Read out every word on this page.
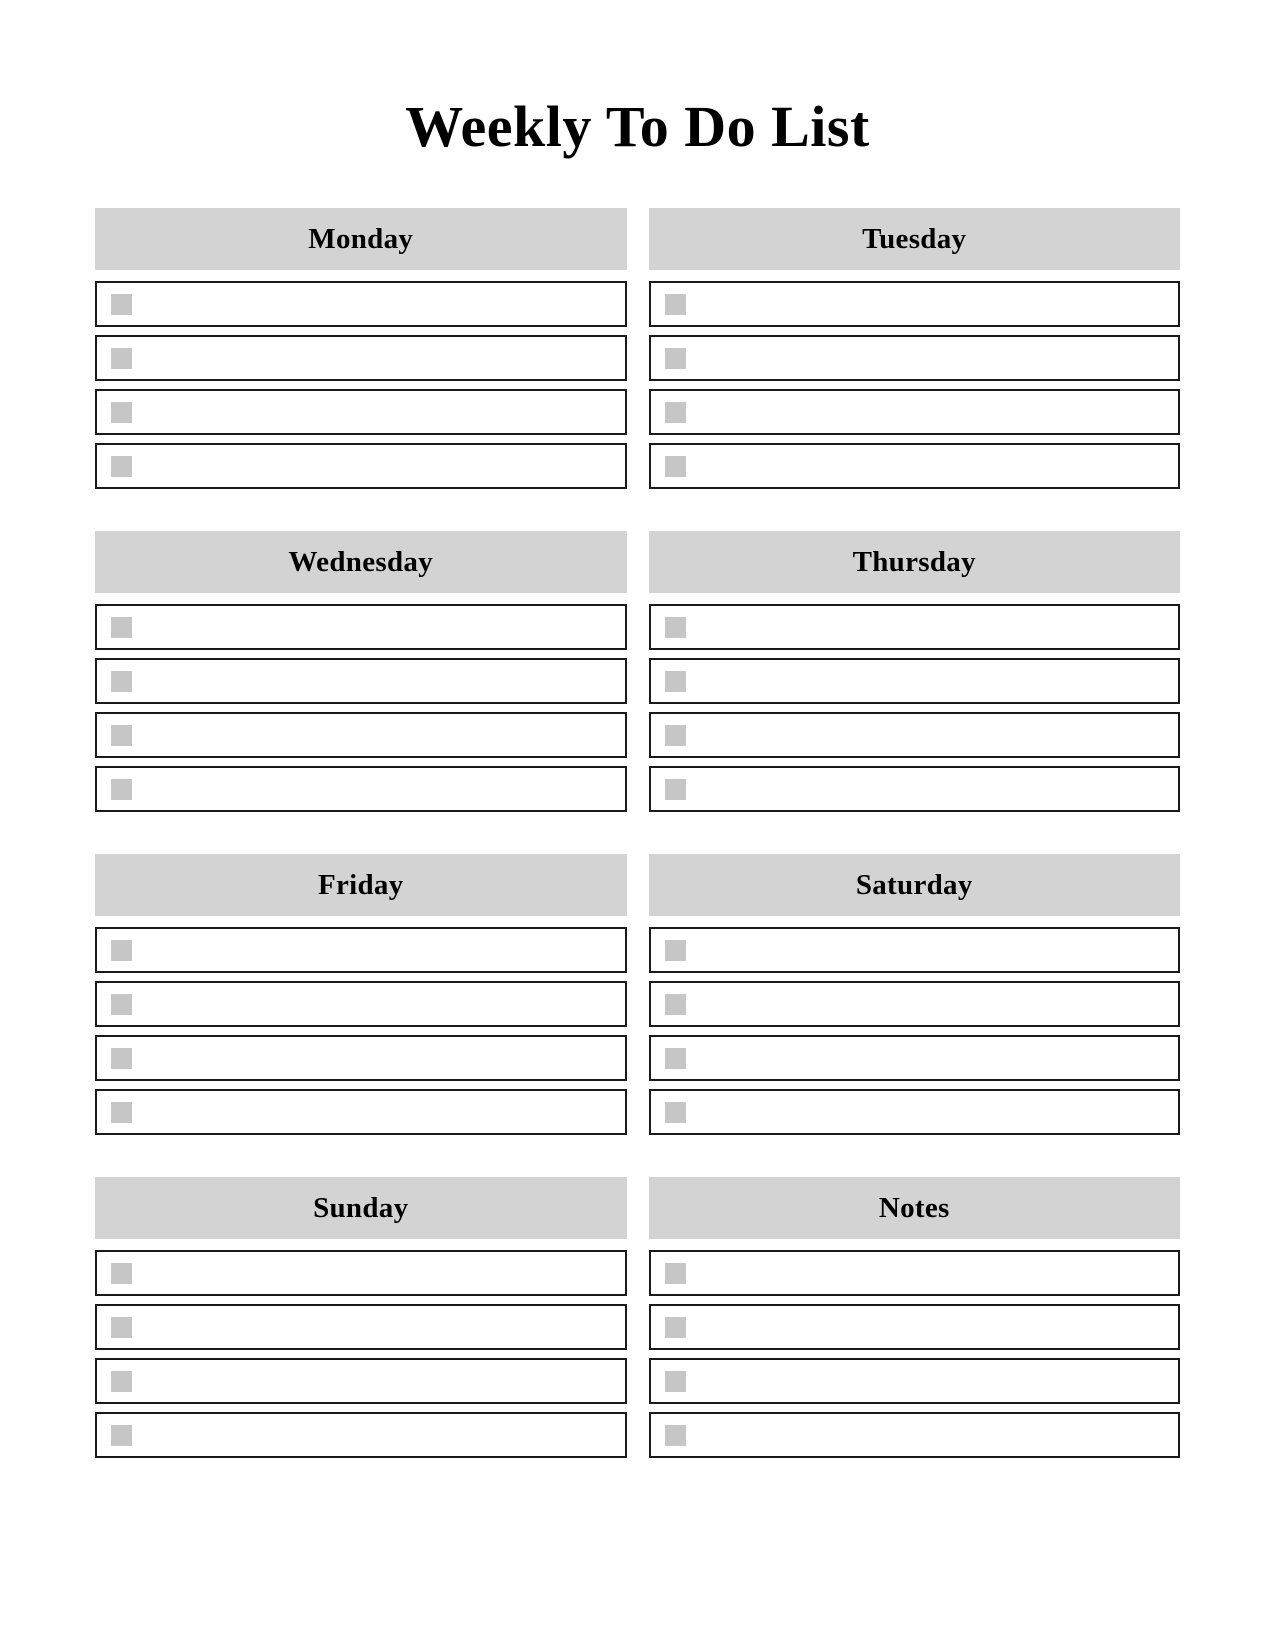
Weekly To Do List
Monday	Tuesday
Wednesday	Thursday
Friday	Saturday
Sunday	Notes
